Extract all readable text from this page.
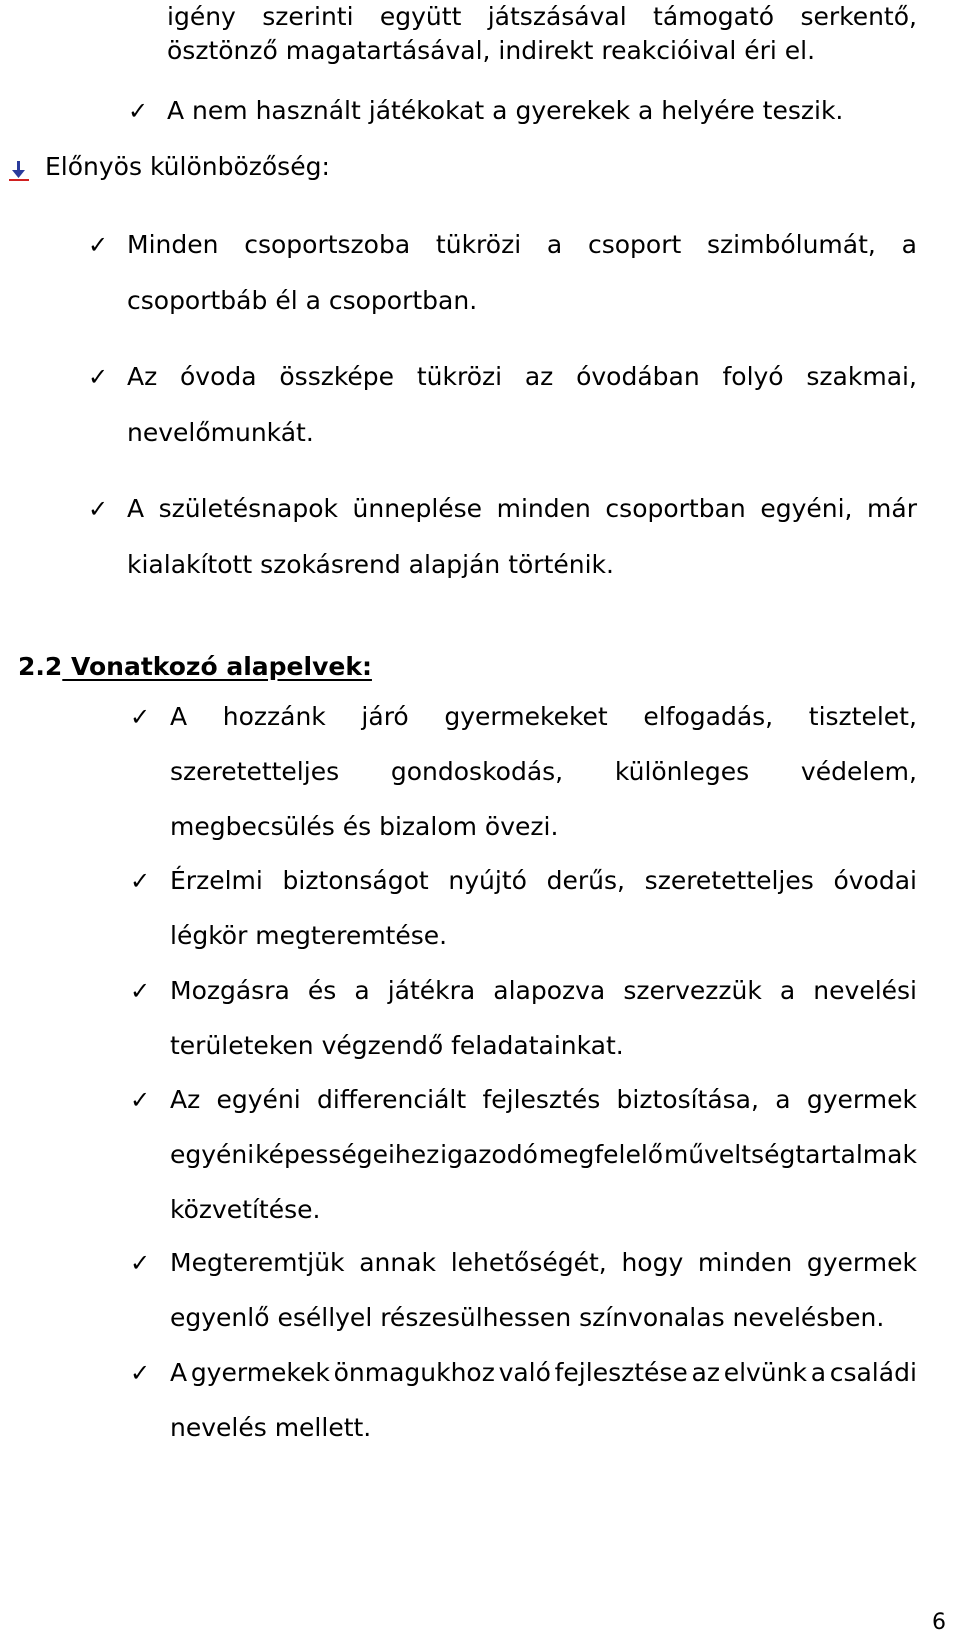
igény szerinti együtt játszásával támogató serkentő,
ösztönző magatartásával, indirekt reakcióival éri el.
✓ A nem használt játékokat a gyerekek a helyére teszik.
Előnyös különbözőség:
✓ Minden csoportszoba tükrözi a csoport szimbólumát, a
csoportbáb él a csoportban.
✓ Az óvoda összképe tükrözi az óvodában folyó szakmai,
nevelőmunkát.
✓ A születésnapok ünneplése minden csoportban egyéni, már
kialakított szokásrend alapján történik.
2.2 Vonatkozó alapelvek:
✓ A hozzánk járó gyermekeket elfogadás, tisztelet,
szeretetteljes gondoskodás, különleges védelem,
megbecsülés és bizalom övezi.
✓ Érzelmi biztonságot nyújtó derűs, szeretetteljes óvodai
légkör megteremtése.
✓ Mozgásra és a játékra alapozva szervezzük a nevelési
területeken végzendő feladatainkat.
✓ Az egyéni differenciált fejlesztés biztosítása, a gyermek
egyéni képességeihez igazodó megfelelő műveltségtartalmak
közvetítése.
✓ Megteremtjük annak lehetőségét, hogy minden gyermek
egyenlő eséllyel részesülhessen színvonalas nevelésben.
✓ A gyermekek önmagukhoz való fejlesztése az elvünk a családi
nevelés mellett.
6
